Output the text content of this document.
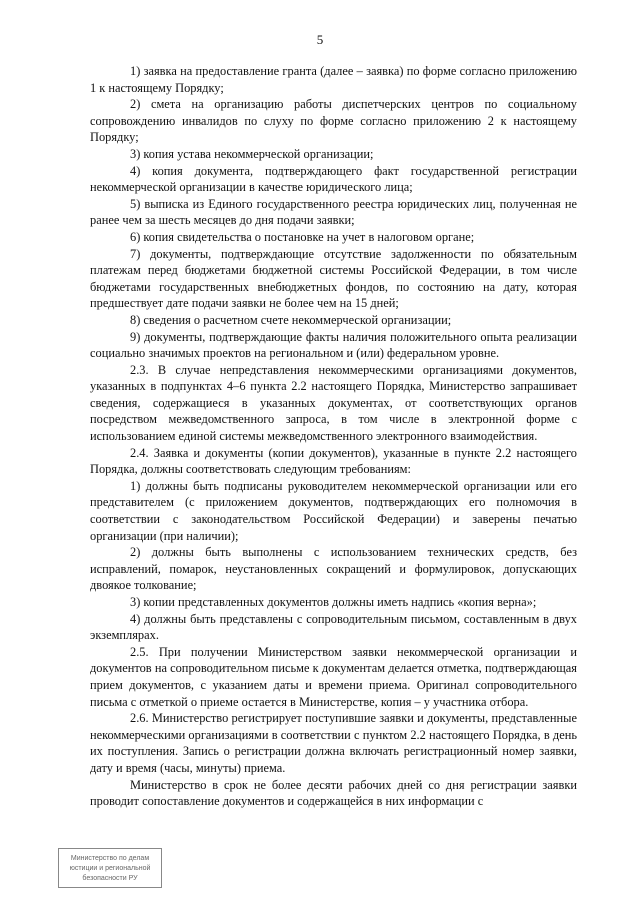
5

1) заявка на предоставление гранта (далее – заявка) по форме согласно приложению 1 к настоящему Порядку;

2) смета на организацию работы диспетчерских центров по социальному сопровождению инвалидов по слуху по форме согласно приложению 2 к настоящему Порядку;

3) копия устава некоммерческой организации;

4) копия документа, подтверждающего факт государственной регистрации некоммерческой организации в качестве юридического лица;

5) выписка из Единого государственного реестра юридических лиц, полученная не ранее чем за шесть месяцев до дня подачи заявки;

6) копия свидетельства о постановке на учет в налоговом органе;

7) документы, подтверждающие отсутствие задолженности по обязательным платежам перед бюджетами бюджетной системы Российской Федерации, в том числе бюджетами государственных внебюджетных фондов, по состоянию на дату, которая предшествует дате подачи заявки не более чем на 15 дней;

8) сведения о расчетном счете некоммерческой организации;

9) документы, подтверждающие факты наличия положительного опыта реализации социально значимых проектов на региональном и (или) федеральном уровне.

2.3. В случае непредставления некоммерческими организациями документов, указанных в подпунктах 4–6 пункта 2.2 настоящего Порядка, Министерство запрашивает сведения, содержащиеся в указанных документах, от соответствующих органов посредством межведомственного запроса, в том числе в электронной форме с использованием единой системы межведомственного электронного взаимодействия.

2.4. Заявка и документы (копии документов), указанные в пункте 2.2 настоящего Порядка, должны соответствовать следующим требованиям:

1) должны быть подписаны руководителем некоммерческой организации или его представителем (с приложением документов, подтверждающих его полномочия в соответствии с законодательством Российской Федерации) и заверены печатью организации (при наличии);

2) должны быть выполнены с использованием технических средств, без исправлений, помарок, неустановленных сокращений и формулировок, допускающих двоякое толкование;

3) копии представленных документов должны иметь надпись «копия верна»;

4) должны быть представлены с сопроводительным письмом, составленным в двух экземплярах.

2.5. При получении Министерством заявки некоммерческой организации и документов на сопроводительном письме к документам делается отметка, подтверждающая прием документов, с указанием даты и времени приема. Оригинал сопроводительного письма с отметкой о приеме остается в Министерстве, копия – у участника отбора.

2.6. Министерство регистрирует поступившие заявки и документы, представленные некоммерческими организациями в соответствии с пунктом 2.2 настоящего Порядка, в день их поступления. Запись о регистрации должна включать регистрационный номер заявки, дату и время (часы, минуты) приема.

Министерство в срок не более десяти рабочих дней со дня регистрации заявки проводит сопоставление документов и содержащейся в них информации с

Министерство по делам
юстиции и региональной
безопасности РУ
